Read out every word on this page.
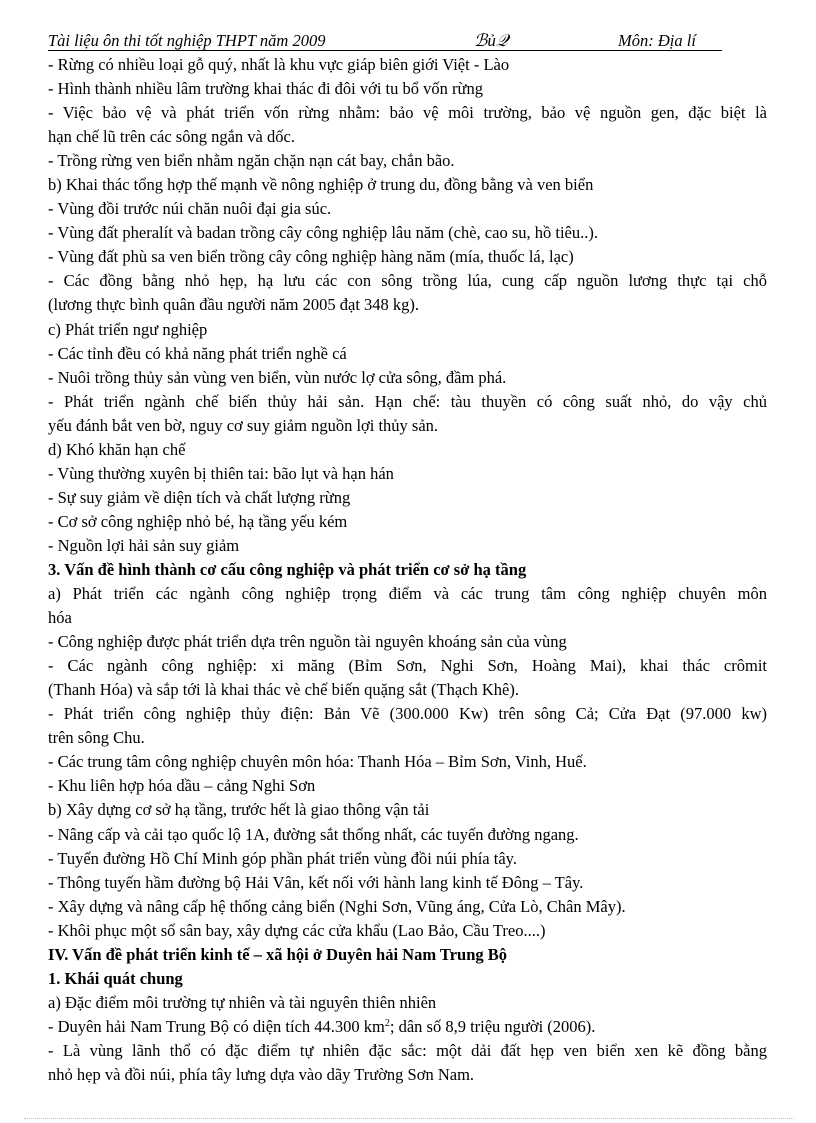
Tài liệu ôn thi tốt nghiệp THPT năm 2009	ℬủ𝒬	Môn: Địa lí
- Rừng có nhiều loại gỗ quý, nhất là khu vực giáp biên giới Việt - Lào
- Hình thành nhiều lâm trường khai thác đi đôi với tu bổ vốn rừng
- Việc bảo vệ và phát triển vốn rừng nhằm: bảo vệ môi trường, bảo vệ nguồn gen, đặc biệt là
hạn chế lũ trên các sông ngắn và dốc.
- Trồng rừng ven biển nhằm ngăn chặn nạn cát bay, chắn bão.
b) Khai thác tổng hợp thế mạnh về nông nghiệp ở trung du, đồng bằng và ven biển
- Vùng đồi trước núi chăn nuôi đại gia súc.
- Vùng đất pheralít và badan trồng cây công nghiệp lâu năm (chè, cao su, hồ tiêu..).
- Vùng đất phù sa ven biển trồng cây công nghiệp hàng năm (mía, thuốc lá, lạc)
- Các đồng bằng nhỏ hẹp, hạ lưu các con sông trồng lúa, cung cấp nguồn lương thực tại chỗ
(lương thực bình quân đầu người năm 2005 đạt 348 kg).
c) Phát triển ngư nghiệp
- Các tỉnh đều có khả năng phát triển nghề cá
- Nuôi trồng thủy sản vùng ven biển, vùn nước lợ cửa sông, đầm phá.
- Phát triển ngành chế biến thủy hải sản. Hạn chế: tàu thuyền có công suất nhỏ, do vậy chủ
yếu đánh bắt ven bờ, nguy cơ suy giảm nguồn lợi thủy sản.
d) Khó khăn hạn chế
- Vùng thường xuyên bị thiên tai: bão lụt và hạn hán
- Sự suy giảm về diện tích và chất lượng rừng
- Cơ sở công nghiệp nhỏ bé, hạ tầng yếu kém
- Nguồn lợi hải sản suy giảm
3. Vấn đề hình thành cơ cấu công nghiệp và phát triển cơ sở hạ tầng
a) Phát triển các ngành công nghiệp trọng điểm và các trung tâm công nghiệp chuyên môn
hóa
- Công nghiệp được phát triển dựa trên nguồn tài nguyên khoáng sản của vùng
- Các ngành công nghiệp: xi măng (Bỉm Sơn, Nghi Sơn, Hoàng Mai), khai thác crômit
(Thanh Hóa) và sắp tới là khai thác vè chế biến quặng sắt (Thạch Khê).
- Phát triển công nghiệp thủy điện: Bản Vẽ (300.000 Kw) trên sông Cả; Cửa Đạt (97.000 kw)
trên sông Chu.
- Các trung tâm công nghiệp chuyên môn hóa: Thanh Hóa – Bỉm Sơn, Vinh, Huế.
- Khu liên hợp hóa dầu – cảng Nghi Sơn
b) Xây dựng cơ sở hạ tầng, trước hết là giao thông vận tải
- Nâng cấp và cải tạo quốc lộ 1A, đường sắt thống nhất, các tuyến đường ngang.
- Tuyến đường Hồ Chí Minh góp phần phát triển vùng đồi núi phía tây.
- Thông tuyến hầm đường bộ Hải Vân, kết nối với hành lang kinh tế Đông – Tây.
- Xây dựng và nâng cấp hệ thống cảng biển (Nghi Sơn, Vũng áng, Cửa Lò, Chân Mây).
- Khôi phục một số sân bay, xây dựng các cửa khẩu (Lao Bảo, Cầu Treo....)
IV. Vấn đề phát triển kinh tế – xã hội ở Duyên hải Nam Trung Bộ
1. Khái quát chung
a) Đặc điểm môi trường tự nhiên và tài nguyên thiên nhiên
- Duyên hải Nam Trung Bộ có diện tích 44.300 $km^2$; dân số 8,9 triệu người (2006).
- Là vùng lãnh thổ có đặc điểm tự nhiên đặc sắc: một dải đất hẹp ven biển xen kẽ đồng bằng
nhỏ hẹp và đồi núi, phía tây lưng dựa vào dãy Trường Sơn Nam.
